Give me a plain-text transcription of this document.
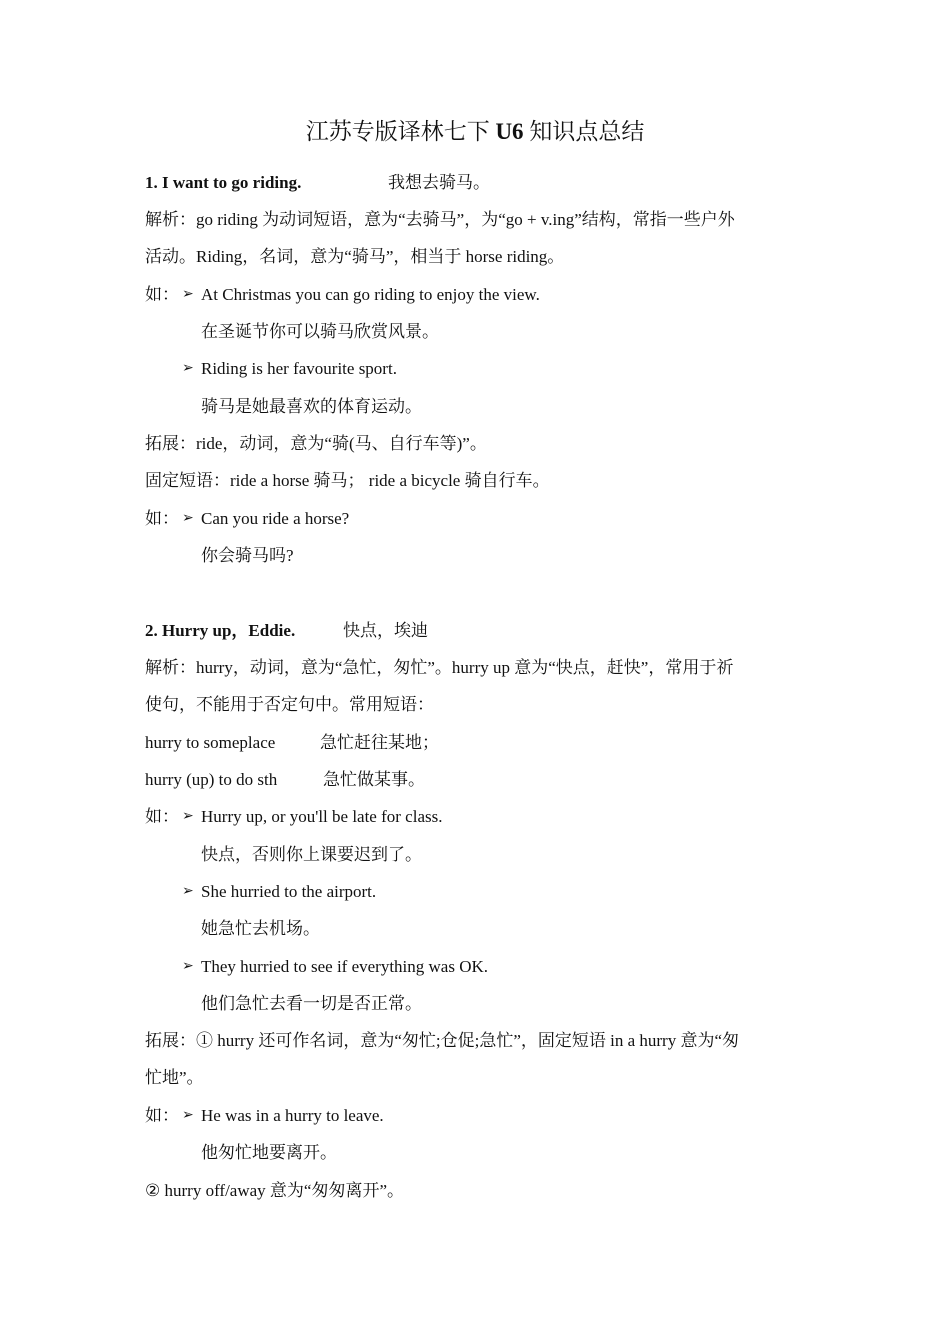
江苏专版译林七下 U6 知识点总结
1. I want to go riding.	我想去骑马。
解析：go riding 为动词短语，意为“去骑马”，为“go + v.ing”结构，常指一些户外
活动。Riding，名词，意为“骑马”，相当于 horse riding。
如： ➢ At Christmas you can go riding to enjoy the view.
在圣诞节你可以骑马欣赏风景。
➢ Riding is her favourite sport.
骑马是她最喜欢的体育运动。
拓展：ride，动词，意为“骑(马、自行车等)”。
固定短语：ride a horse 骑马； ride a bicycle 骑自行车。
如： ➢ Can you ride a horse?
你会骑马吗?
2. Hurry up，Eddie.	快点，埃迪
解析：hurry，动词，意为“急忙，匆忙”。hurry up 意为“快点，赶快”，常用于祈
使句，不能用于否定句中。常用短语：
hurry to someplace	急忙赶往某地；
hurry (up) to do sth	急忙做某事。
如： ➢ Hurry up, or you'll be late for class.
快点，否则你上课要迟到了。
➢ She hurried to the airport.
她急忙去机场。
➢ They hurried to see if everything was OK.
他们急忙去看一切是否正常。
拓展：① hurry 还可作名词，意为“匆忙;仓促;急忙”，固定短语 in a hurry 意为“匆
忙地”。
如： ➢ He was in a hurry to leave.
他匆忙地要离开。
② hurry off/away 意为“匆匆离开”。
